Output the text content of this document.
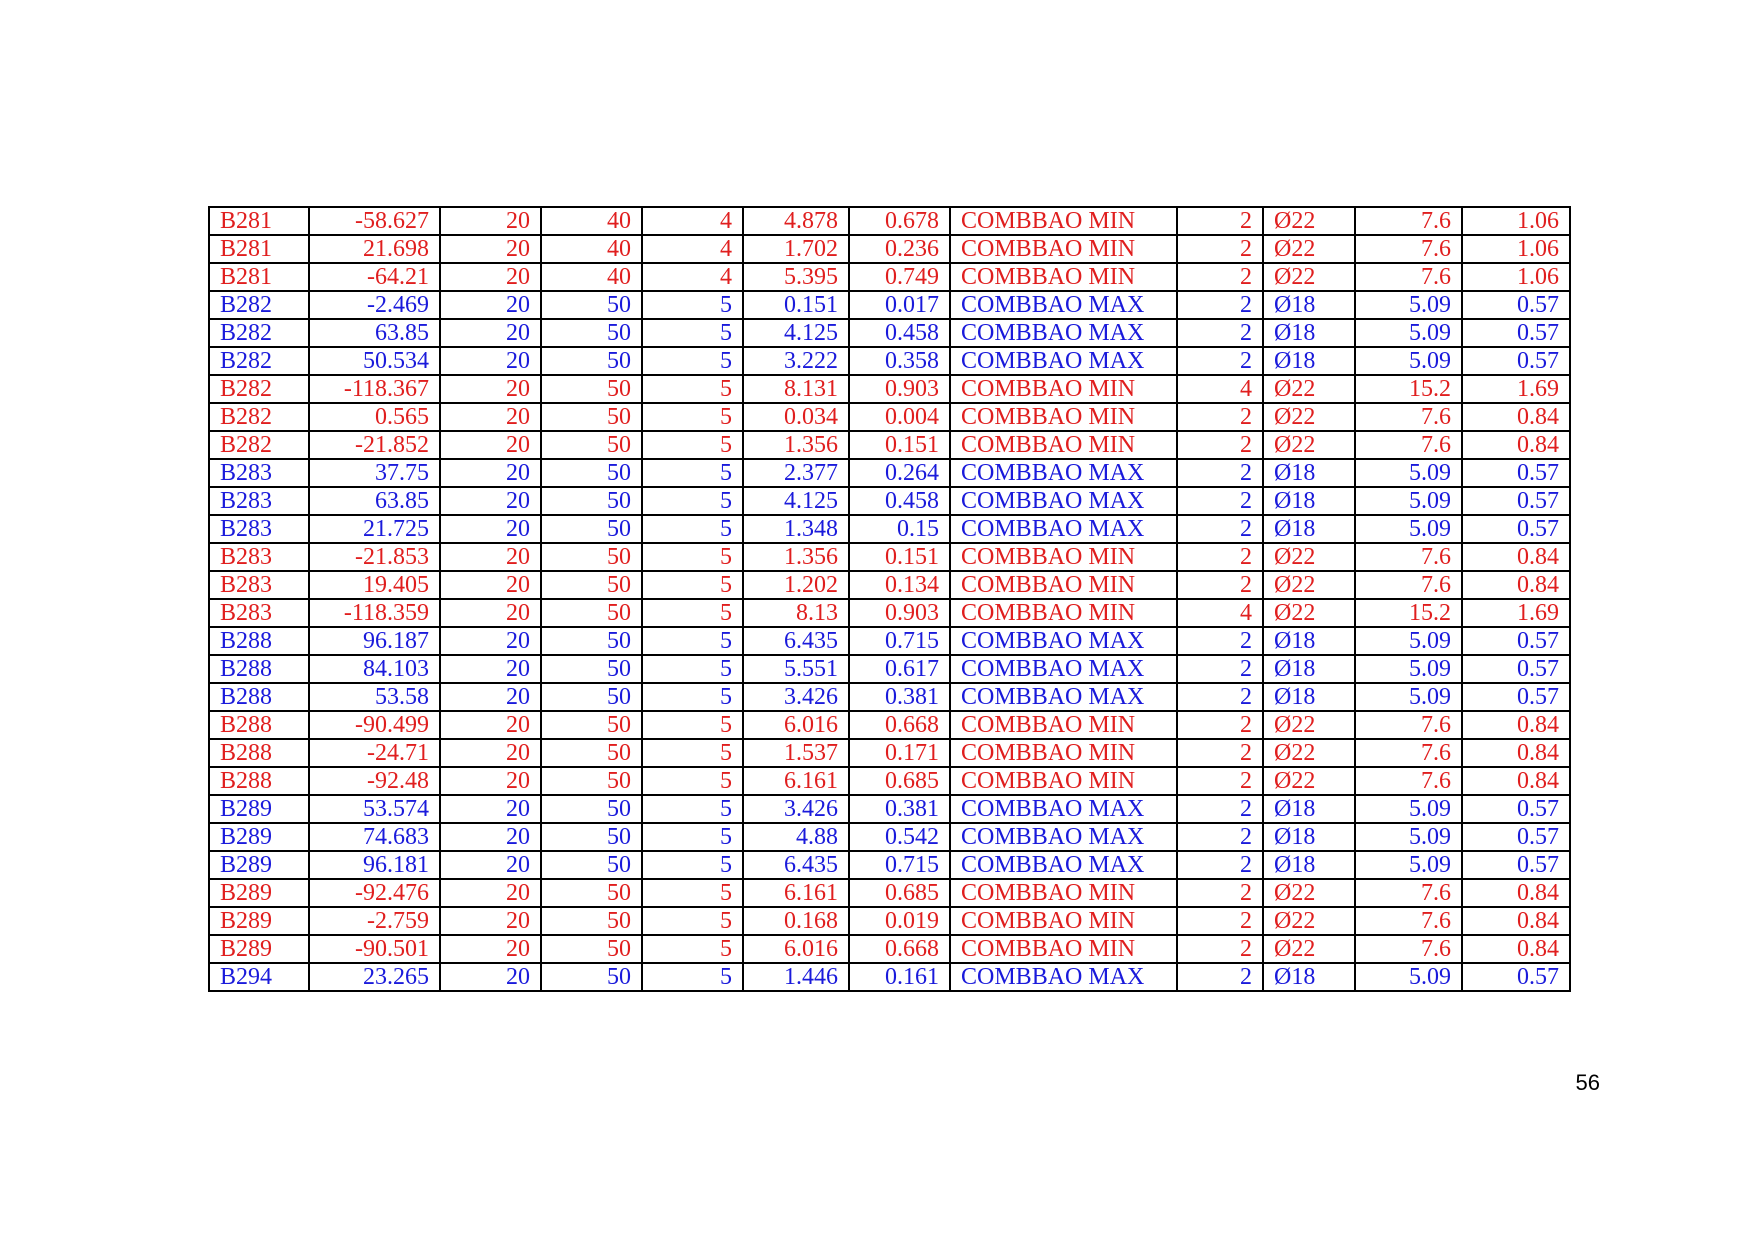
B281	-58.627	20	40	4	4.878	0.678	COMBBAO MIN	2	Ø22	7.6	1.06
B281	21.698	20	40	4	1.702	0.236	COMBBAO MIN	2	Ø22	7.6	1.06
B281	-64.21	20	40	4	5.395	0.749	COMBBAO MIN	2	Ø22	7.6	1.06
B282	-2.469	20	50	5	0.151	0.017	COMBBAO MAX	2	Ø18	5.09	0.57
B282	63.85	20	50	5	4.125	0.458	COMBBAO MAX	2	Ø18	5.09	0.57
B282	50.534	20	50	5	3.222	0.358	COMBBAO MAX	2	Ø18	5.09	0.57
B282	-118.367	20	50	5	8.131	0.903	COMBBAO MIN	4	Ø22	15.2	1.69
B282	0.565	20	50	5	0.034	0.004	COMBBAO MIN	2	Ø22	7.6	0.84
B282	-21.852	20	50	5	1.356	0.151	COMBBAO MIN	2	Ø22	7.6	0.84
B283	37.75	20	50	5	2.377	0.264	COMBBAO MAX	2	Ø18	5.09	0.57
B283	63.85	20	50	5	4.125	0.458	COMBBAO MAX	2	Ø18	5.09	0.57
B283	21.725	20	50	5	1.348	0.15	COMBBAO MAX	2	Ø18	5.09	0.57
B283	-21.853	20	50	5	1.356	0.151	COMBBAO MIN	2	Ø22	7.6	0.84
B283	19.405	20	50	5	1.202	0.134	COMBBAO MIN	2	Ø22	7.6	0.84
B283	-118.359	20	50	5	8.13	0.903	COMBBAO MIN	4	Ø22	15.2	1.69
B288	96.187	20	50	5	6.435	0.715	COMBBAO MAX	2	Ø18	5.09	0.57
B288	84.103	20	50	5	5.551	0.617	COMBBAO MAX	2	Ø18	5.09	0.57
B288	53.58	20	50	5	3.426	0.381	COMBBAO MAX	2	Ø18	5.09	0.57
B288	-90.499	20	50	5	6.016	0.668	COMBBAO MIN	2	Ø22	7.6	0.84
B288	-24.71	20	50	5	1.537	0.171	COMBBAO MIN	2	Ø22	7.6	0.84
B288	-92.48	20	50	5	6.161	0.685	COMBBAO MIN	2	Ø22	7.6	0.84
B289	53.574	20	50	5	3.426	0.381	COMBBAO MAX	2	Ø18	5.09	0.57
B289	74.683	20	50	5	4.88	0.542	COMBBAO MAX	2	Ø18	5.09	0.57
B289	96.181	20	50	5	6.435	0.715	COMBBAO MAX	2	Ø18	5.09	0.57
B289	-92.476	20	50	5	6.161	0.685	COMBBAO MIN	2	Ø22	7.6	0.84
B289	-2.759	20	50	5	0.168	0.019	COMBBAO MIN	2	Ø22	7.6	0.84
B289	-90.501	20	50	5	6.016	0.668	COMBBAO MIN	2	Ø22	7.6	0.84
B294	23.265	20	50	5	1.446	0.161	COMBBAO MAX	2	Ø18	5.09	0.57
56
